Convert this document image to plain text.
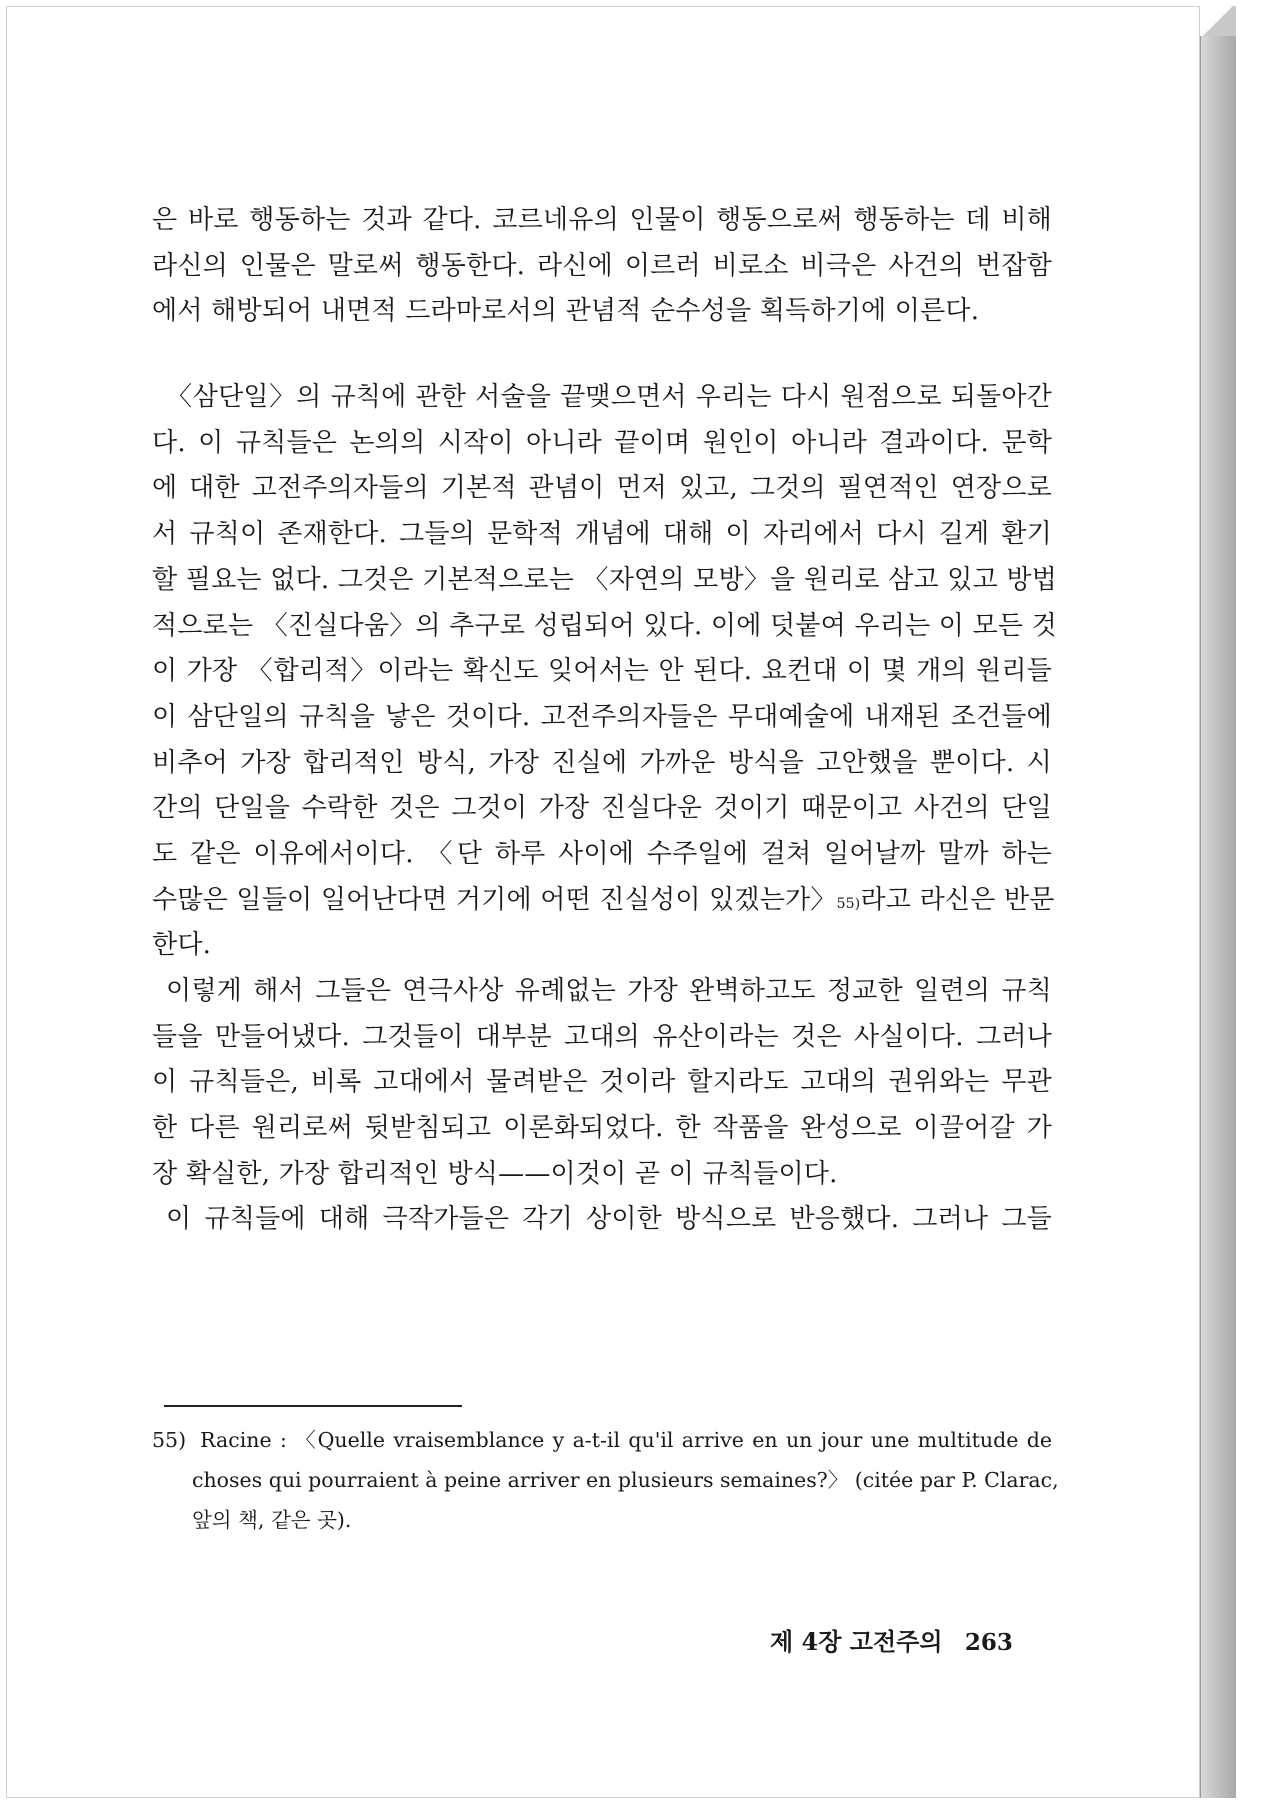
은 바로 행동하는 것과 같다. 코르네유의 인물이 행동으로써 행동하는 데 비해
라신의 인물은 말로써 행동한다. 라신에 이르러 비로소 비극은 사건의 번잡함
에서 해방되어 내면적 드라마로서의 관념적 순수성을 획득하기에 이른다.
〈삼단일〉의 규칙에 관한 서술을 끝맺으면서 우리는 다시 원점으로 되돌아간
다. 이 규칙들은 논의의 시작이 아니라 끝이며 원인이 아니라 결과이다. 문학
에 대한 고전주의자들의 기본적 관념이 먼저 있고, 그것의 필연적인 연장으로
서 규칙이 존재한다. 그들의 문학적 개념에 대해 이 자리에서 다시 길게 환기
할 필요는 없다. 그것은 기본적으로는 〈자연의 모방〉을 원리로 삼고 있고 방법
적으로는 〈진실다움〉의 추구로 성립되어 있다. 이에 덧붙여 우리는 이 모든 것
이 가장 〈합리적〉이라는 확신도 잊어서는 안 된다. 요컨대 이 몇 개의 원리들
이 삼단일의 규칙을 낳은 것이다. 고전주의자들은 무대예술에 내재된 조건들에
비추어 가장 합리적인 방식, 가장 진실에 가까운 방식을 고안했을 뿐이다. 시
간의 단일을 수락한 것은 그것이 가장 진실다운 것이기 때문이고 사건의 단일
도 같은 이유에서이다. 〈단 하루 사이에 수주일에 걸쳐 일어날까 말까 하는
수많은 일들이 일어난다면 거기에 어떤 진실성이 있겠는가〉 55) 라고 라신은 반문
한다.
이렇게 해서 그들은 연극사상 유례없는 가장 완벽하고도 정교한 일련의 규칙
들을 만들어냈다. 그것들이 대부분 고대의 유산이라는 것은 사실이다. 그러나
이 규칙들은, 비록 고대에서 물려받은 것이라 할지라도 고대의 권위와는 무관
한 다른 원리로써 뒷받침되고 이론화되었다. 한 작품을 완성으로 이끌어갈 가
장 확실한, 가장 합리적인 방식——이것이 곧 이 규칙들이다.
이 규칙들에 대해 극작가들은 각기 상이한 방식으로 반응했다. 그러나 그들
55) Racine : 〈Quelle vraisemblance y a-t-il qu'il arrive en un jour une multitude de
choses qui pourraient à peine arriver en plusieurs semaines?〉 (citée par P. Clarac,
앞의 책, 같은 곳).
제 4장 고전주의 263
